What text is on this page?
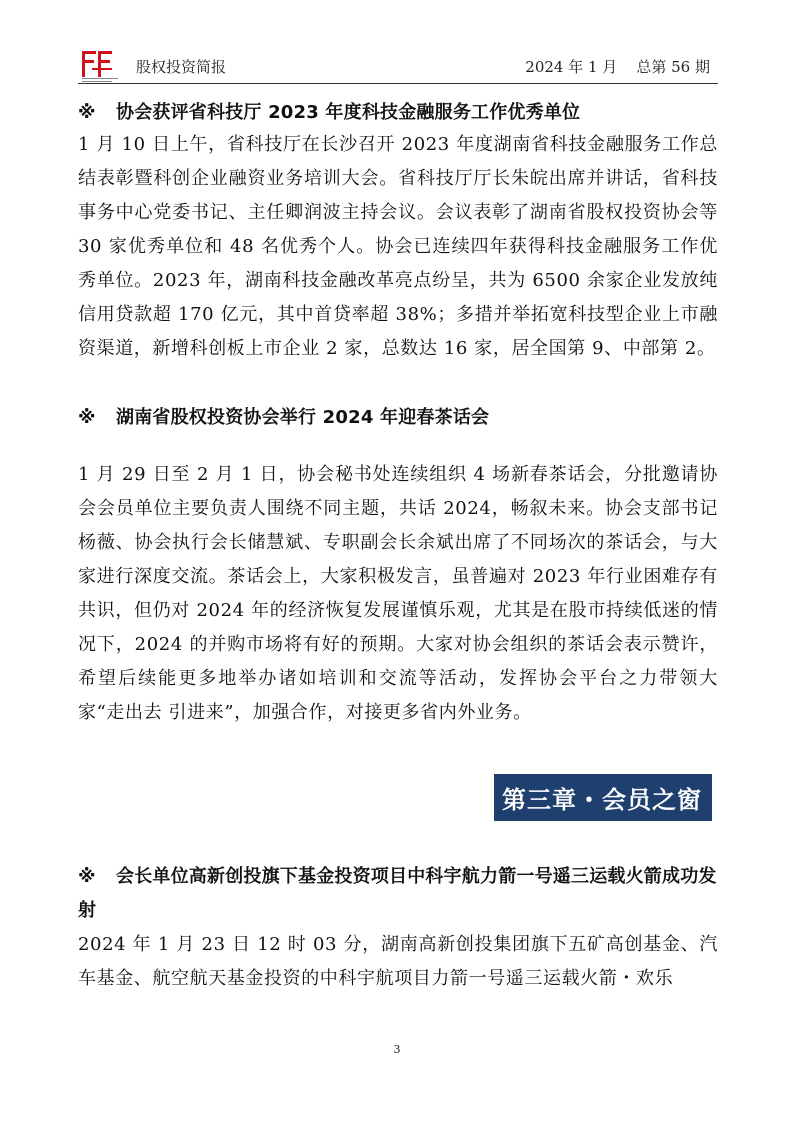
股权投资简报	2024 年 1 月    总第 56 期

※ 协会获评省科技厅 2023 年度科技金融服务工作优秀单位

1 月 10 日上午，省科技厅在长沙召开 2023 年度湖南省科技金融服务工作总结表彰暨科创企业融资业务培训大会。省科技厅厅长朱皖出席并讲话，省科技事务中心党委书记、主任卿润波主持会议。会议表彰了湖南省股权投资协会等 30 家优秀单位和 48 名优秀个人。协会已连续四年获得科技金融服务工作优秀单位。2023 年，湖南科技金融改革亮点纷呈，共为 6500 余家企业发放纯信用贷款超 170 亿元，其中首贷率超 38%；多措并举拓宽科技型企业上市融资渠道，新增科创板上市企业 2 家，总数达 16 家，居全国第 9、中部第 2。

※ 湖南省股权投资协会举行 2024 年迎春茶话会

1 月 29 日至 2 月 1 日，协会秘书处连续组织 4 场新春茶话会，分批邀请协会会员单位主要负责人围绕不同主题，共话 2024，畅叙未来。协会支部书记杨薇、协会执行会长储慧斌、专职副会长余斌出席了不同场次的茶话会，与大家进行深度交流。茶话会上，大家积极发言，虽普遍对 2023 年行业困难存有共识，但仍对 2024 年的经济恢复发展谨慎乐观，尤其是在股市持续低迷的情况下，2024 的并购市场将有好的预期。大家对协会组织的茶话会表示赞许，希望后续能更多地举办诸如培训和交流等活动，发挥协会平台之力带领大家“走出去 引进来”，加强合作，对接更多省内外业务。

第三章・会员之窗

※ 会长单位高新创投旗下基金投资项目中科宇航力箭一号遥三运载火箭成功发射

2024 年 1 月 23 日 12 时 03 分，湖南高新创投集团旗下五矿高创基金、汽车基金、航空航天基金投资的中科宇航项目力箭一号遥三运载火箭・欢乐

3
